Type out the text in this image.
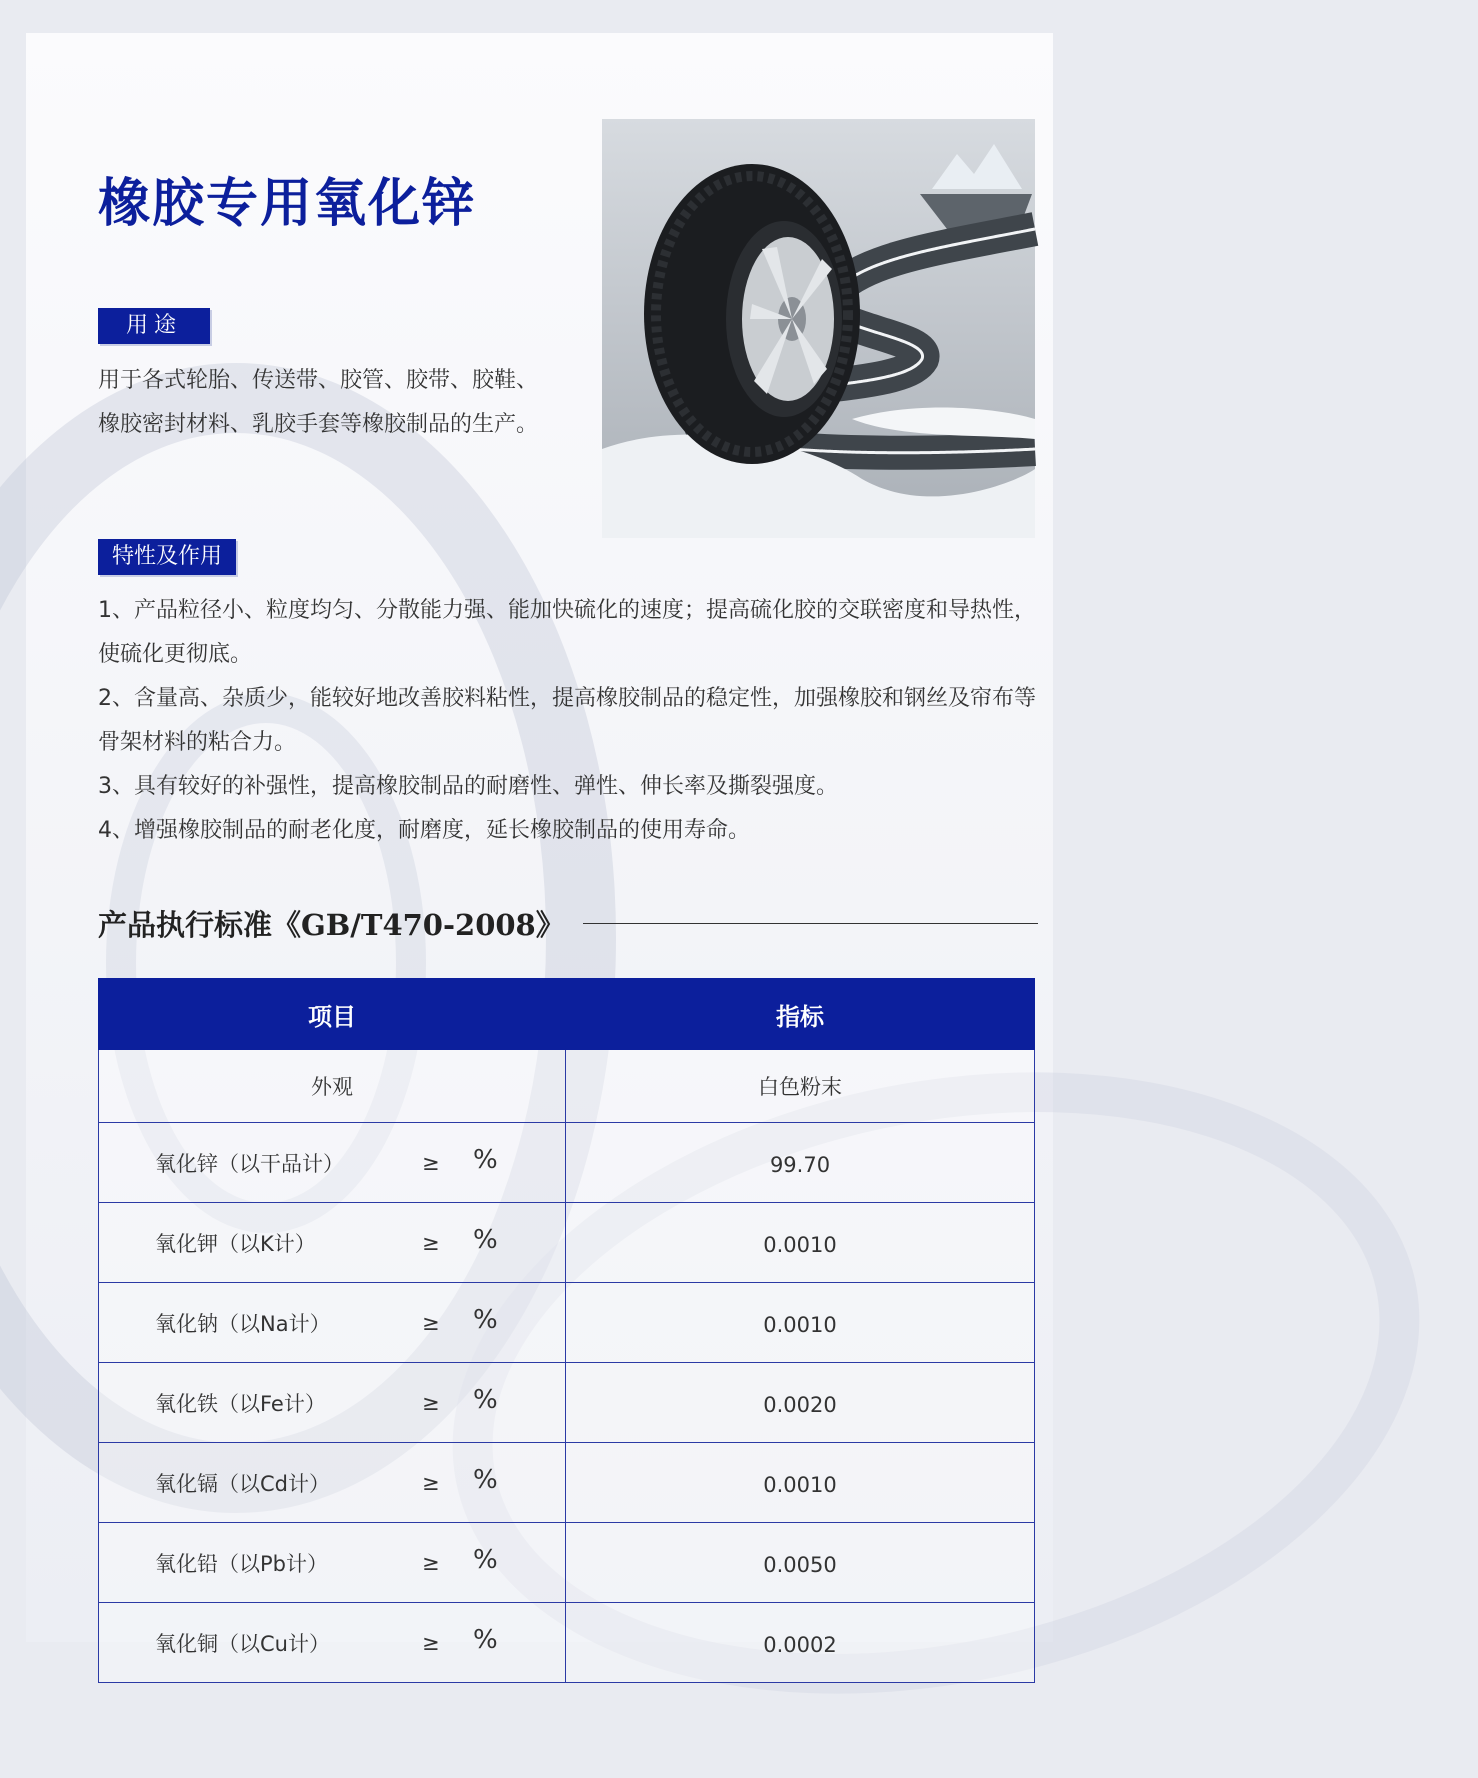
橡胶专用氧化锌
用途
用于各式轮胎、传送带、胶管、胶带、胶鞋、橡胶密封材料、乳胶手套等橡胶制品的生产。
特性及作用

1、产品粒径小、粒度均匀、分散能力强、能加快硫化的速度；提高硫化胶的交联密度和导热性，使硫化更彻底。

2、含量高、杂质少，能较好地改善胶料粘性，提高橡胶制品的稳定性，加强橡胶和钢丝及帘布等骨架材料的粘合力。

3、具有较好的补强性，提高橡胶制品的耐磨性、弹性、伸长率及撕裂强度。

4、增强橡胶制品的耐老化度，耐磨度，延长橡胶制品的使用寿命。

产品执行标准《GB/T470-2008》
项目	指标
外观	白色粉末

氧化锌（以干品计） ≥ %	99.70

氧化钾（以K计） ≥ %	0.0010

氧化钠（以Na计） ≥ %	0.0010

氧化铁（以Fe计） ≥ %	0.0020

氧化镉（以Cd计） ≥ %	0.0010

氧化铅（以Pb计） ≥ %	0.0050

氧化铜（以Cu计） ≥ %	0.0002
